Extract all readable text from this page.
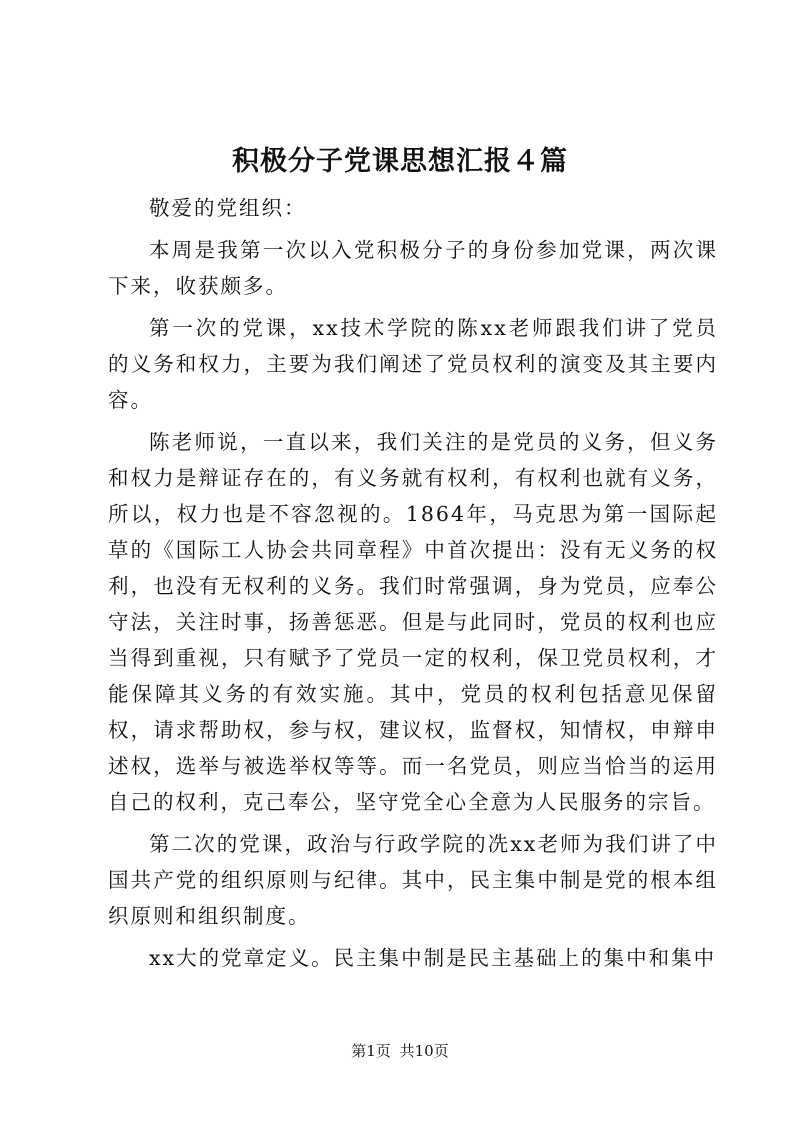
积极分子党课思想汇报４篇

敬爱的党组织：

本周是我第一次以入党积极分子的身份参加党课，两次课下来，收获颇多。

第一次的党课，xx技术学院的陈xx老师跟我们讲了党员的义务和权力，主要为我们阐述了党员权利的演变及其主要内容。

陈老师说，一直以来，我们关注的是党员的义务，但义务和权力是辩证存在的，有义务就有权利，有权利也就有义务，所以，权力也是不容忽视的。1864年，马克思为第一国际起草的《国际工人协会共同章程》中首次提出：没有无义务的权利，也没有无权利的义务。我们时常强调，身为党员，应奉公守法，关注时事，扬善惩恶。但是与此同时，党员的权利也应当得到重视，只有赋予了党员一定的权利，保卫党员权利，才能保障其义务的有效实施。其中，党员的权利包括意见保留权，请求帮助权，参与权，建议权，监督权，知情权，申辩申述权，选举与被选举权等等。而一名党员，则应当恰当的运用自己的权利，克己奉公，坚守党全心全意为人民服务的宗旨。

第二次的党课，政治与行政学院的冼xx老师为我们讲了中国共产党的组织原则与纪律。其中，民主集中制是党的根本组织原则和组织制度。

xx大的党章定义。民主集中制是民主基础上的集中和集中

第1页 共10页
